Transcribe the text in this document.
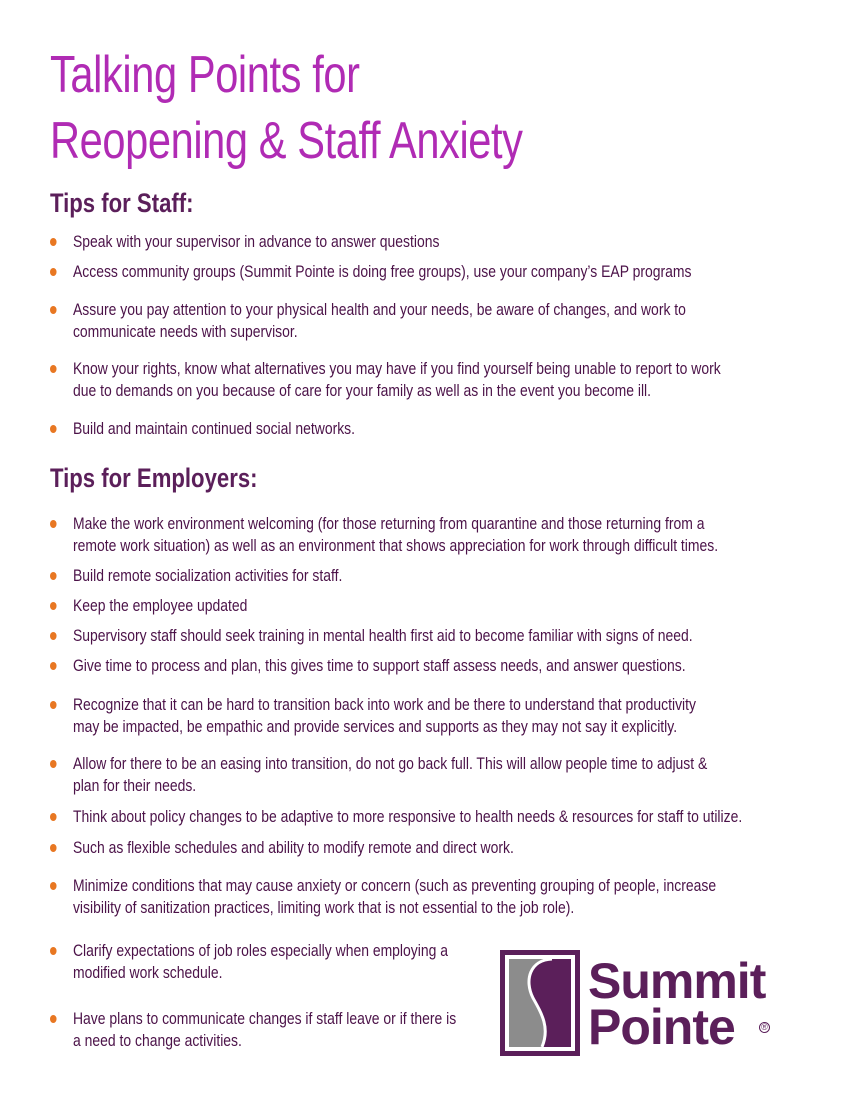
Talking Points for
Reopening & Staff Anxiety
Tips for Staff:
Speak with your supervisor in advance to answer questions
Access community groups (Summit Pointe is doing free groups), use your company’s EAP programs
Assure you pay attention to your physical health and your needs, be aware of changes, and work to
communicate needs with supervisor.
Know your rights, know what alternatives you may have if you find yourself being unable to report to work
due to demands on you because of care for your family as well as in the event you become ill.
Build and maintain continued social networks.
Tips for Employers:
Make the work environment welcoming (for those returning from quarantine and those returning from a
remote work situation) as well as an environment that shows appreciation for work through difficult times.
Build remote socialization activities for staff.
Keep the employee updated
Supervisory staff should seek training in mental health first aid to become familiar with signs of need.
Give time to process and plan, this gives time to support staff assess needs, and answer questions.
Recognize that it can be hard to transition back into work and be there to understand that productivity
may be impacted, be empathic and provide services and supports as they may not say it explicitly.
Allow for there to be an easing into transition, do not go back full. This will allow people time to adjust &
plan for their needs.
Think about policy changes to be adaptive to more responsive to health needs & resources for staff to utilize.
Such as flexible schedules and ability to modify remote and direct work.
Minimize conditions that may cause anxiety or concern (such as preventing grouping of people, increase
visibility of sanitization practices, limiting work that is not essential to the job role).
Clarify expectations of job roles especially when employing a
modified work schedule.
Have plans to communicate changes if staff leave or if there is
a need to change activities.
Summit
Pointe	®
